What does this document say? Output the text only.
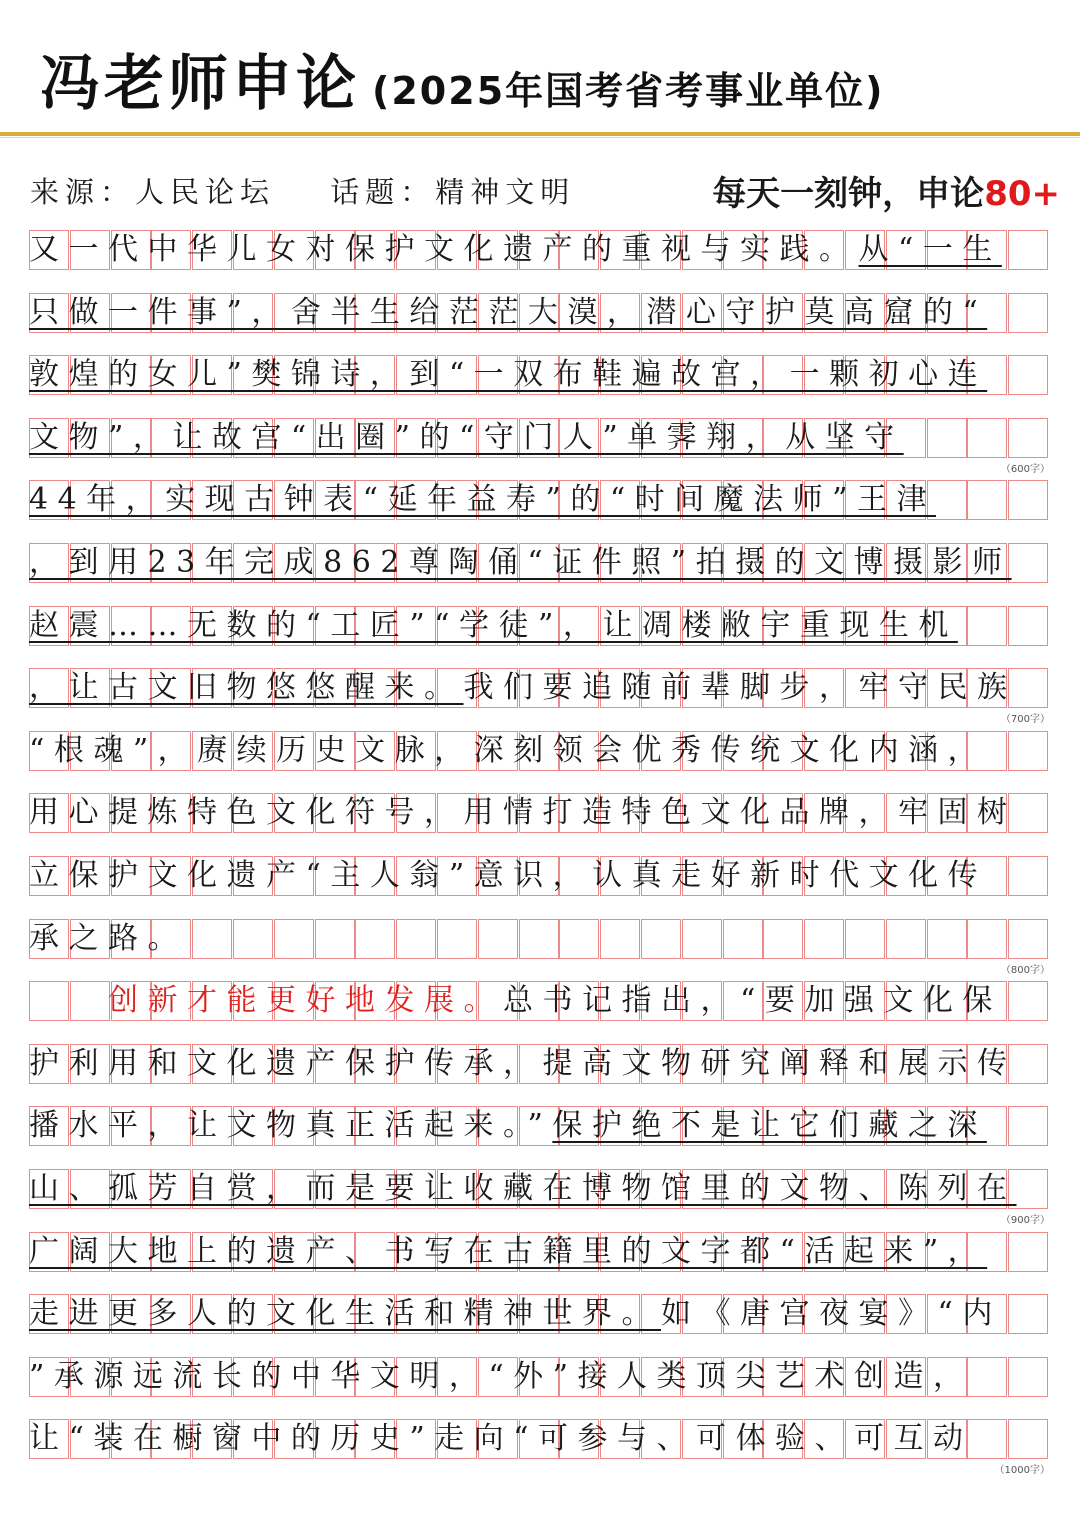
冯老师申论 (2025年国考省考事业单位)
来源：人民论坛 话题：精神文明	每天一刻钟，申论80+
又一代中华儿女对保护文化遗产的重视与实践。从“一生
只做一件事”，舍半生给茫茫大漠，潜心守护莫高窟的“
敦煌的女儿”樊锦诗，到“一双布鞋遍故宫，一颗初心连
文物”，让故宫“出圈”的“守门人”单霁翔，从坚守
（600字）
44年，实现古钟表“延年益寿”的“时间魔法师”王津
，到用23年完成862尊陶俑“证件照”拍摄的文博摄影师
赵震……无数的“工匠”“学徒”，让凋楼敝宇重现生机
，让古文旧物悠悠醒来。我们要追随前辈脚步，牢守民族
（700字）
“根魂”，赓续历史文脉，深刻领会优秀传统文化内涵，
用心提炼特色文化符号，用情打造特色文化品牌，牢固树
立保护文化遗产“主人翁”意识，认真走好新时代文化传
承之路。
（800字）
　　创新才能更好地发展。总书记指出，“要加强文化保
护利用和文化遗产保护传承，提高文物研究阐释和展示传
播水平，让文物真正活起来。”保护绝不是让它们藏之深
山、孤芳自赏，而是要让收藏在博物馆里的文物、陈列在
（900字）
广阔大地上的遗产、书写在古籍里的文字都“活起来”，
走进更多人的文化生活和精神世界。如《唐宫夜宴》“内
”承源远流长的中华文明，“外”接人类顶尖艺术创造，
让“装在橱窗中的历史”走向“可参与、可体验、可互动
（1000字）
